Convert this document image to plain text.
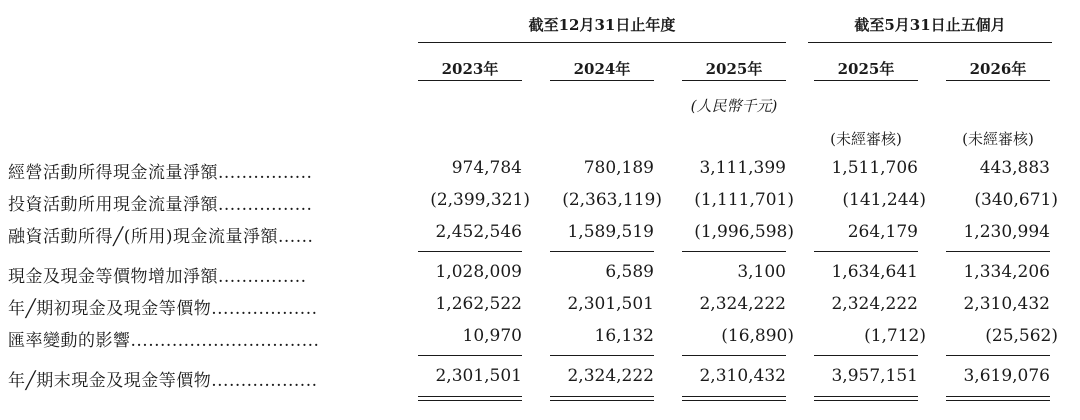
截至12月31日止年度	截至5月31日止五個月
2023年	2024年	2025年	2025年	2026年
(人民幣千元)
(未經審核)	(未經審核)
經營活動所得現金流量淨額................	974,784	780,189	3,111,399	1,511,706	443,883
投資活動所用現金流量淨額................	(2,399,321)	(2,363,119)	(1,111,701)	(141,244)	(340,671)
融資活動所得╱(所用)現金流量淨額......	2,452,546	1,589,519	(1,996,598)	264,179	1,230,994
現金及現金等價物增加淨額...............	1,028,009	6,589	3,100	1,634,641	1,334,206
年╱期初現金及現金等價物..................	1,262,522	2,301,501	2,324,222	2,324,222	2,310,432
匯率變動的影響................................	10,970	16,132	(16,890)	(1,712)	(25,562)
年╱期末現金及現金等價物..................	2,301,501	2,324,222	2,310,432	3,957,151	3,619,076
